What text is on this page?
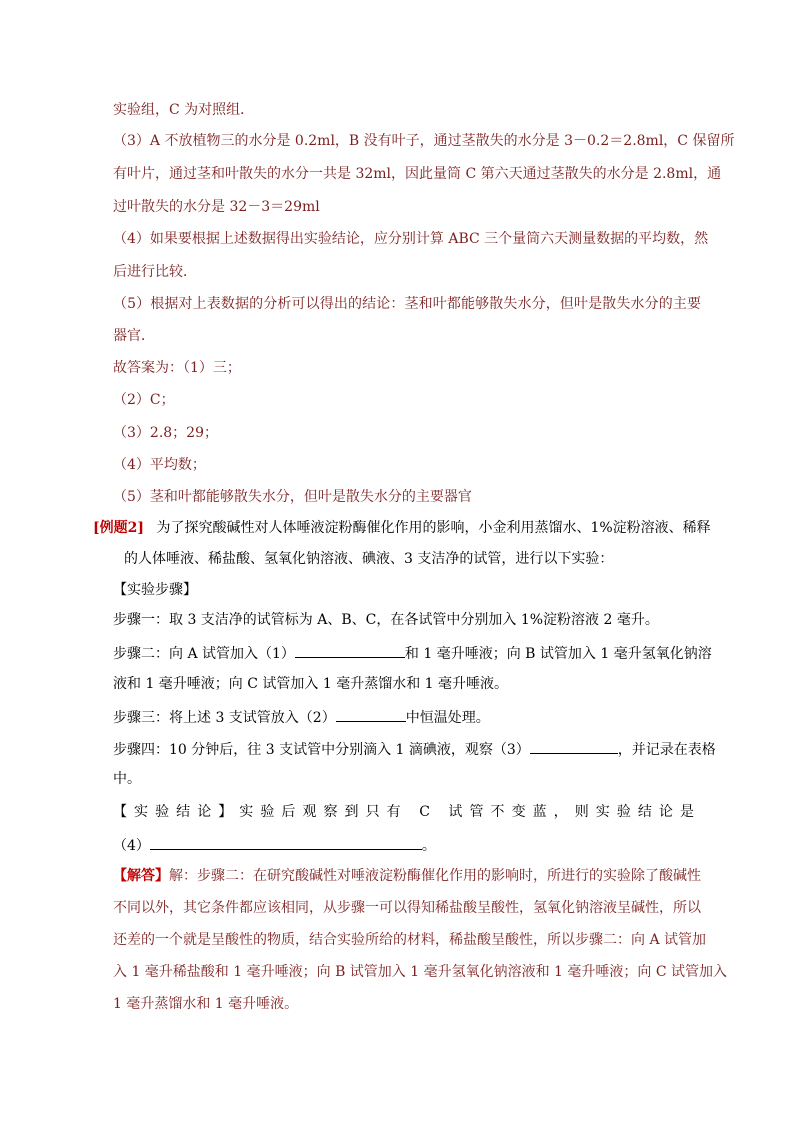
实验组，C 为对照组．
（3）A 不放植物三的水分是 0.2ml，B 没有叶子，通过茎散失的水分是 3－0.2＝2.8ml，C 保留所
有叶片，通过茎和叶散失的水分一共是 32ml，因此量筒 C 第六天通过茎散失的水分是 2.8ml，通
过叶散失的水分是 32－3＝29ml
（4）如果要根据上述数据得出实验结论，应分别计算 ABC 三个量筒六天测量数据的平均数，然
后进行比较．
（5）根据对上表数据的分析可以得出的结论：茎和叶都能够散失水分，但叶是散失水分的主要
器官．
故答案为：（1）三；
（2）C；
（3）2.8；29；
（4）平均数；
（5）茎和叶都能够散失水分，但叶是散失水分的主要器官
[例题2] 为了探究酸碱性对人体唾液淀粉酶催化作用的影响，小金利用蒸馏水、1%淀粉溶液、稀释
的人体唾液、稀盐酸、氢氧化钠溶液、碘液、3 支洁净的试管，进行以下实验：
【实验步骤】
步骤一：取 3 支洁净的试管标为 A、B、C，在各试管中分别加入 1%淀粉溶液 2 毫升。
步骤二：向 A 试管加入（1）	和 1 毫升唾液；向 B 试管加入 1 毫升氢氧化钠溶
液和 1 毫升唾液；向 C 试管加入 1 毫升蒸馏水和 1 毫升唾液。
步骤三：将上述 3 支试管放入（2）	中恒温处理。
步骤四：10 分钟后，往 3 支试管中分别滴入 1 滴碘液，观察（3）	，并记录在表格
中。
【实验结论】实验后观察到只有 C 试管不变蓝，则实验结论是
（4）	。
【解答】解：步骤二：在研究酸碱性对唾液淀粉酶催化作用的影响时，所进行的实验除了酸碱性
不同以外，其它条件都应该相同，从步骤一可以得知稀盐酸呈酸性，氢氧化钠溶液呈碱性，所以
还差的一个就是呈酸性的物质，结合实验所给的材料，稀盐酸呈酸性，所以步骤二：向 A 试管加
入 1 毫升稀盐酸和 1 毫升唾液；向 B 试管加入 1 毫升氢氧化钠溶液和 1 毫升唾液；向 C 试管加入
1 毫升蒸馏水和 1 毫升唾液。
